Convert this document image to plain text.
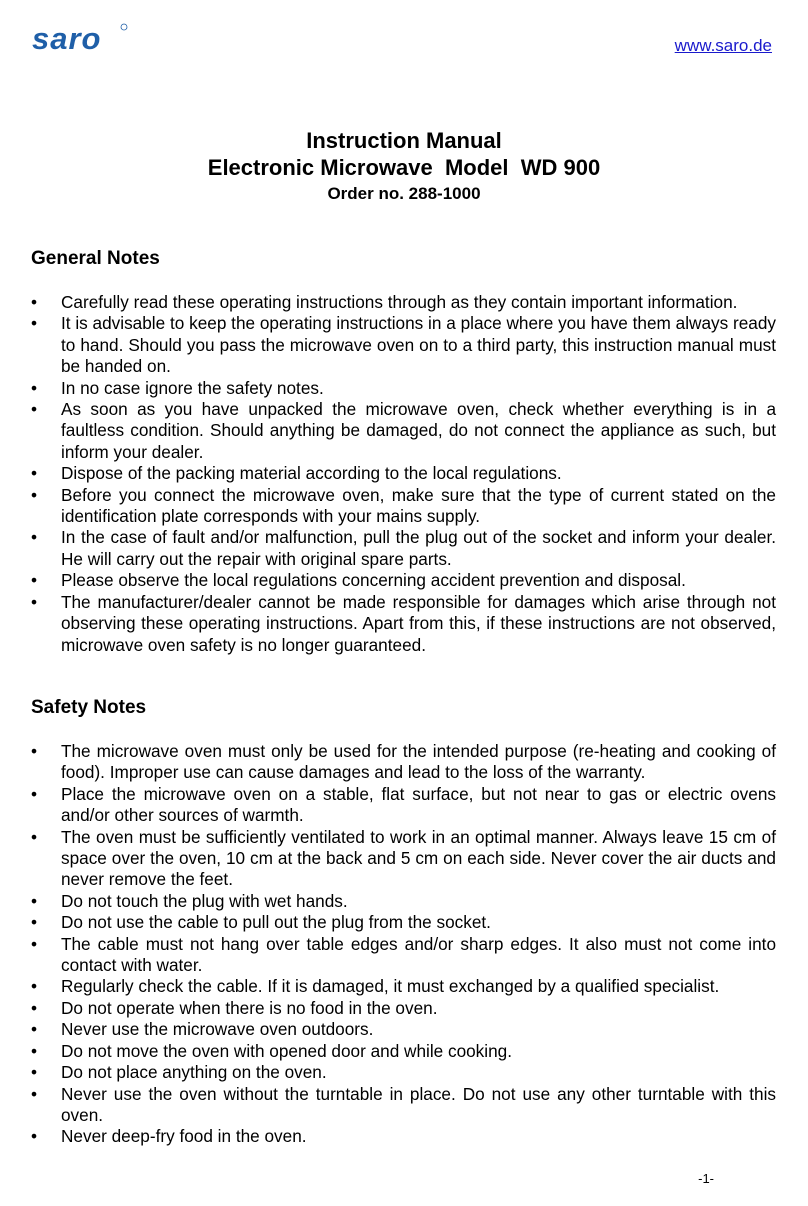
saro	www.saro.de
Instruction Manual
Electronic Microwave  Model  WD 900
Order no. 288-1000
General Notes
•	Carefully read these operating instructions through as they contain important information.
•	It is advisable to keep the operating instructions in a place where you have them always ready to hand. Should you pass the microwave oven on to a third party, this instruction manual must be handed on.
•	In no case ignore the safety notes.
•	As soon as you have unpacked the microwave oven, check whether everything is in a faultless condition. Should anything be damaged, do not connect the appliance as such, but inform your dealer.
•	Dispose of the packing material according to the local regulations.
•	Before you connect the microwave oven, make sure that the type of current stated on the identification plate corresponds with your mains supply.
•	In the case of fault and/or malfunction, pull the plug out of the socket and inform your dealer. He will carry out the repair with original spare parts.
•	Please observe the local regulations concerning accident prevention and disposal.
•	The manufacturer/dealer cannot be made responsible for damages which arise through not observing these operating instructions. Apart from this, if these instructions are not observed, microwave oven safety is no longer guaranteed.
Safety Notes
•	The microwave oven must only be used for the intended purpose (re-heating and cooking of food). Improper use can cause damages and lead to the loss of the warranty.
•	Place the microwave oven on a stable, flat surface, but not near to gas or electric ovens and/or other sources of warmth.
•	The oven must be sufficiently ventilated to work in an optimal manner. Always leave 15 cm of space over the oven, 10 cm at the back and 5 cm on each side. Never cover the air ducts and never remove the feet.
•	Do not touch the plug with wet hands.
•	Do not use the cable to pull out the plug from the socket.
•	The cable must not hang over table edges and/or sharp edges. It also must not come into contact with water.
•	Regularly check the cable. If it is damaged, it must exchanged by a qualified specialist.
•	Do not operate when there is no food in the oven.
•	Never use the microwave oven outdoors.
•	Do not move the oven with opened door and while cooking.
•	Do not place anything on the oven.
•	Never use the oven without the turntable in place. Do not use any other turntable with this oven.
•	Never deep-fry food in the oven.
-1-
